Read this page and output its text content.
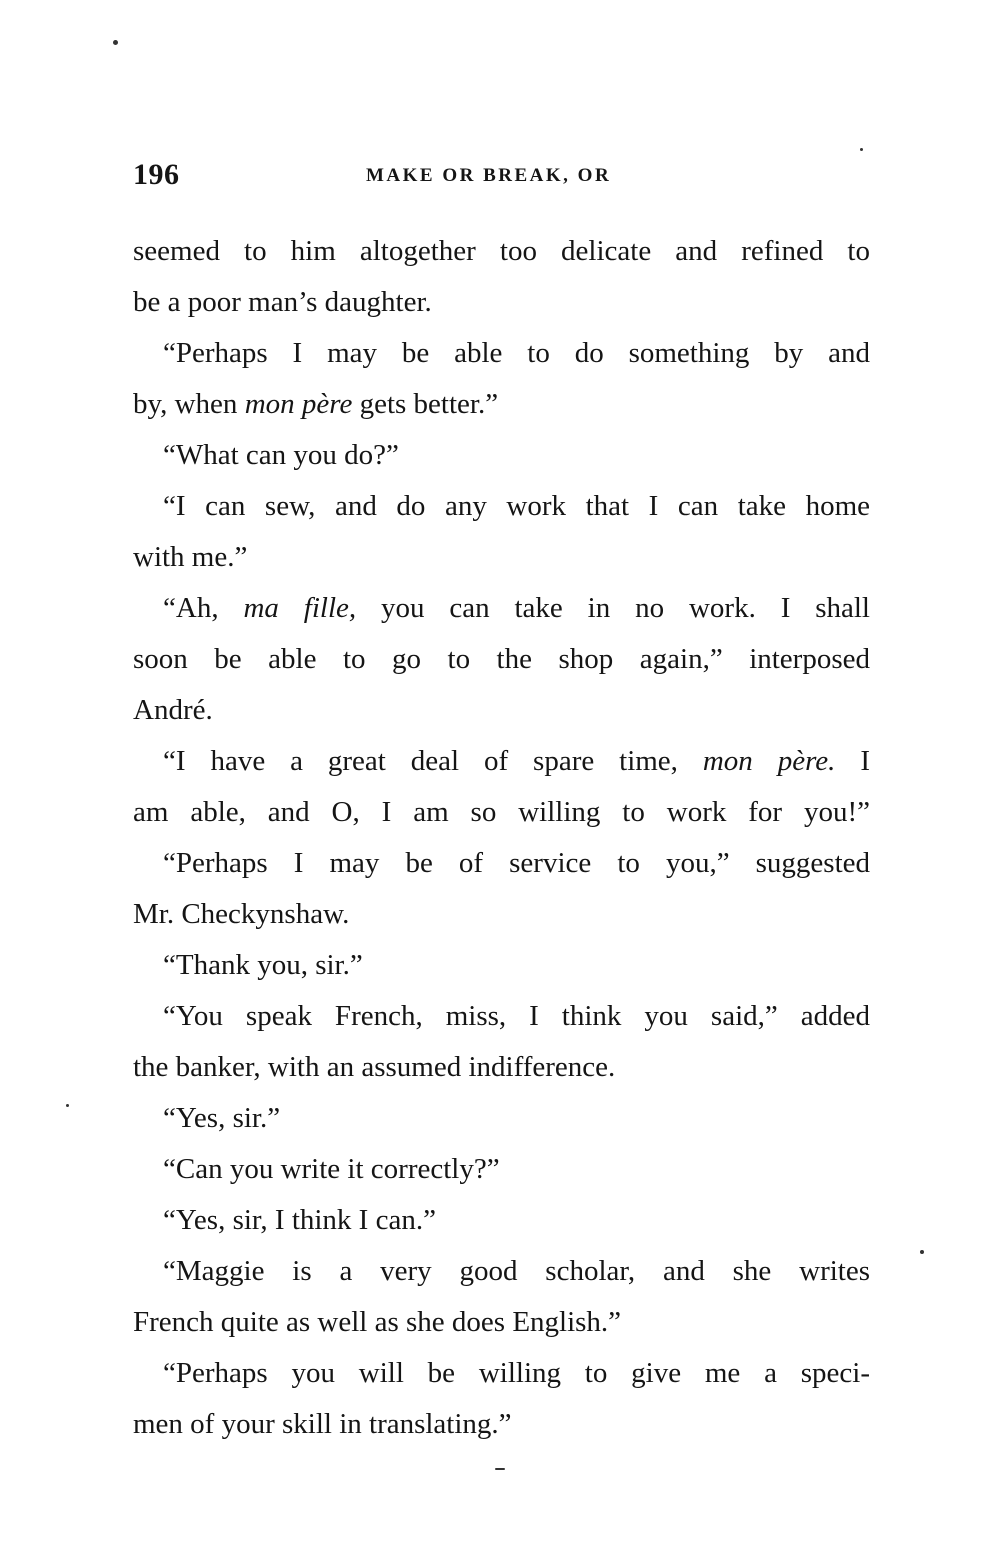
196	MAKE OR BREAK, OR
seemed to him altogether too delicate and refined to
be a poor man’s daughter.
“Perhaps I may be able to do something by and
by, when mon père gets better.”
“What can you do?”
“I can sew, and do any work that I can take home
with me.”
“Ah, ma fille, you can take in no work. I shall
soon be able to go to the shop again,” interposed
André.
“I have a great deal of spare time, mon père. I
am able, and O, I am so willing to work for you!”
“Perhaps I may be of service to you,” suggested
Mr. Checkynshaw.
“Thank you, sir.”
“You speak French, miss, I think you said,” added
the banker, with an assumed indifference.
“Yes, sir.”
“Can you write it correctly?”
“Yes, sir, I think I can.”
“Maggie is a very good scholar, and she writes
French quite as well as she does English.”
“Perhaps you will be willing to give me a speci-
men of your skill in translating.”
